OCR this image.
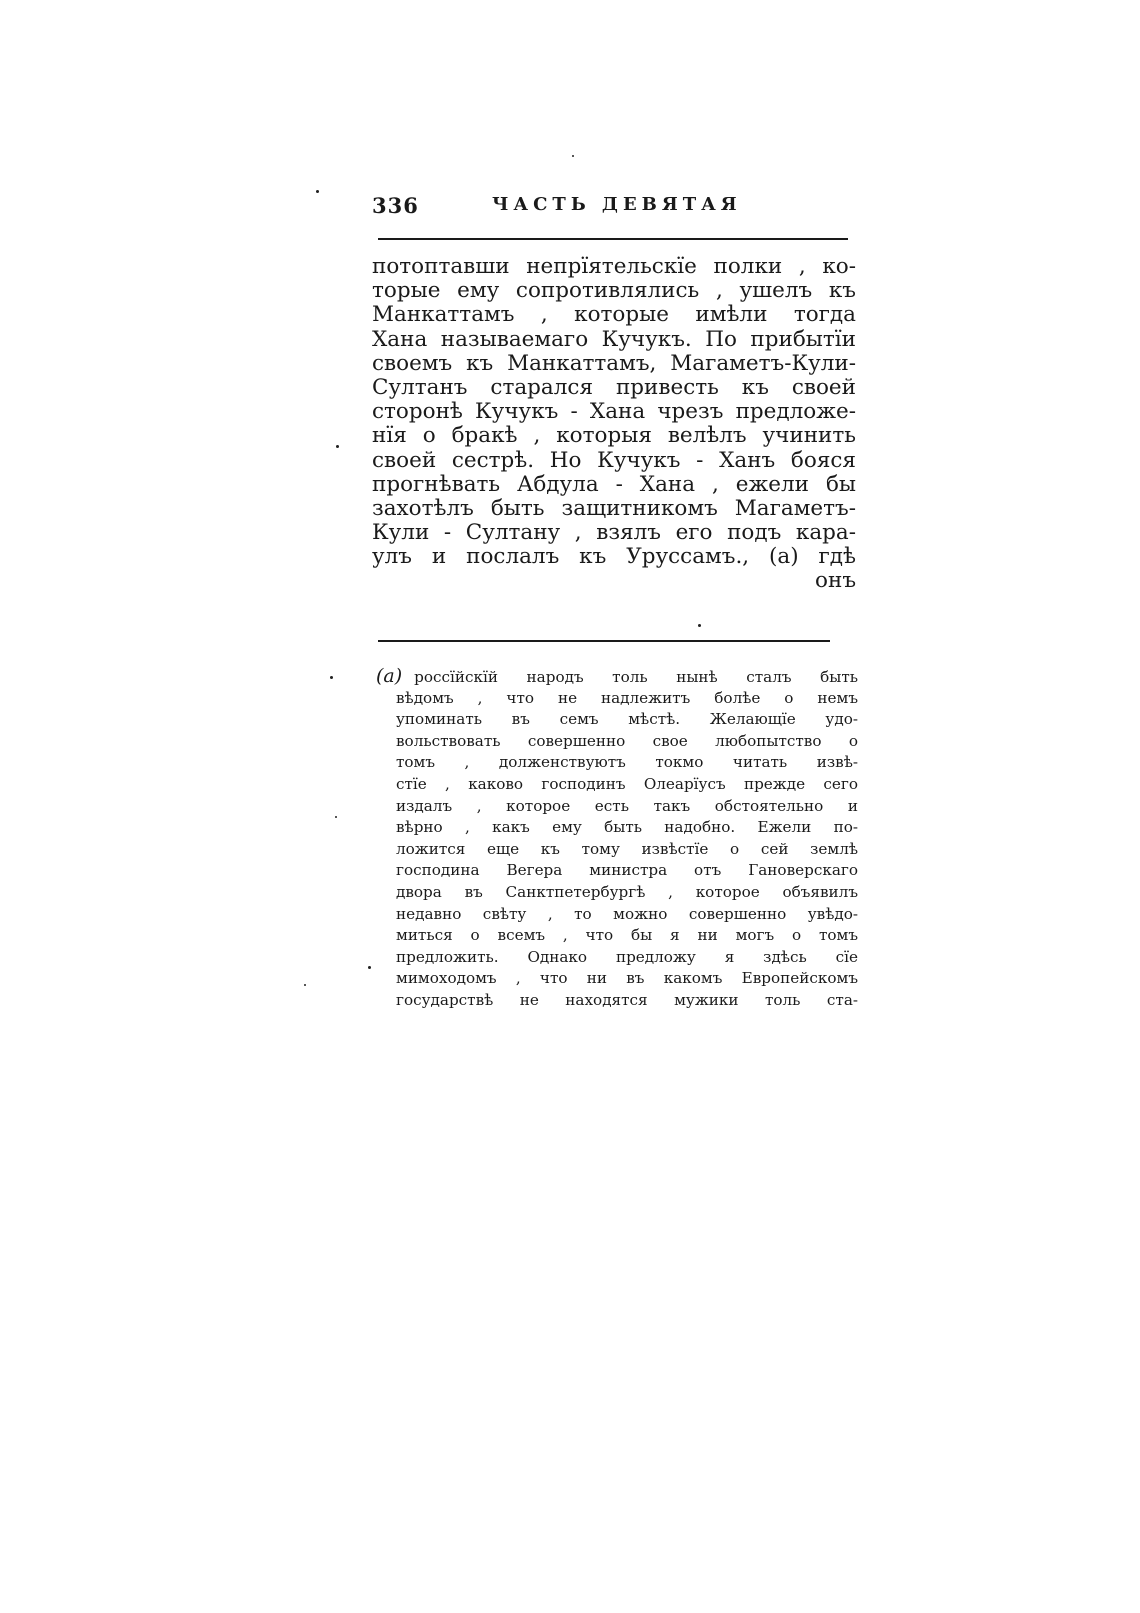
336	ЧАСТЬ ДЕВЯТАЯ
потоптавши непрїятельскїе полки , ко-
торые ему сопротивлялись , ушелъ къ
Манкаттамъ , которые имѣли тогда
Хана называемаго Кучукъ. По прибытїи
своемъ къ Манкаттамъ, Магаметъ-Кули-
Султанъ старался привесть къ своей
сторонѣ Кучукъ - Хана чрезъ предложе-
нїя о бракѣ , которыя велѣлъ учинить
своей сестрѣ. Но Кучукъ - Ханъ бояся
прогнѣвать Абдула - Хана , ежели бы
захотѣлъ быть защитникомъ Магаметъ-
Кули - Султану , взялъ его подъ кара-
улъ и послалъ къ Уруссамъ., (а) гдѣ
онъ
(а) россїйскїй народъ толь нынѣ сталъ быть
вѣдомъ , что не надлежитъ болѣе о немъ
упоминать въ семъ мѣстѣ. Желающїе удо-
вольствовать совершенно свое любопытство о
томъ , долженствуютъ токмо читать извѣ-
стїе , каково господинъ Олеарїусъ прежде сего
издалъ , которое есть такъ обстоятельно и
вѣрно , какъ ему быть надобно. Ежели по-
ложится еще къ тому извѣстїе о сей землѣ
господина Вегера министра отъ Гановерскаго
двора въ Санктпетербургѣ , которое объявилъ
недавно свѣту , то можно совершенно увѣдо-
миться о всемъ , что бы я ни могъ о томъ
предложить. Однако предложу я здѣсь сїе
мимоходомъ , что ни въ какомъ Европейскомъ
государствѣ не находятся мужики толь ста-
